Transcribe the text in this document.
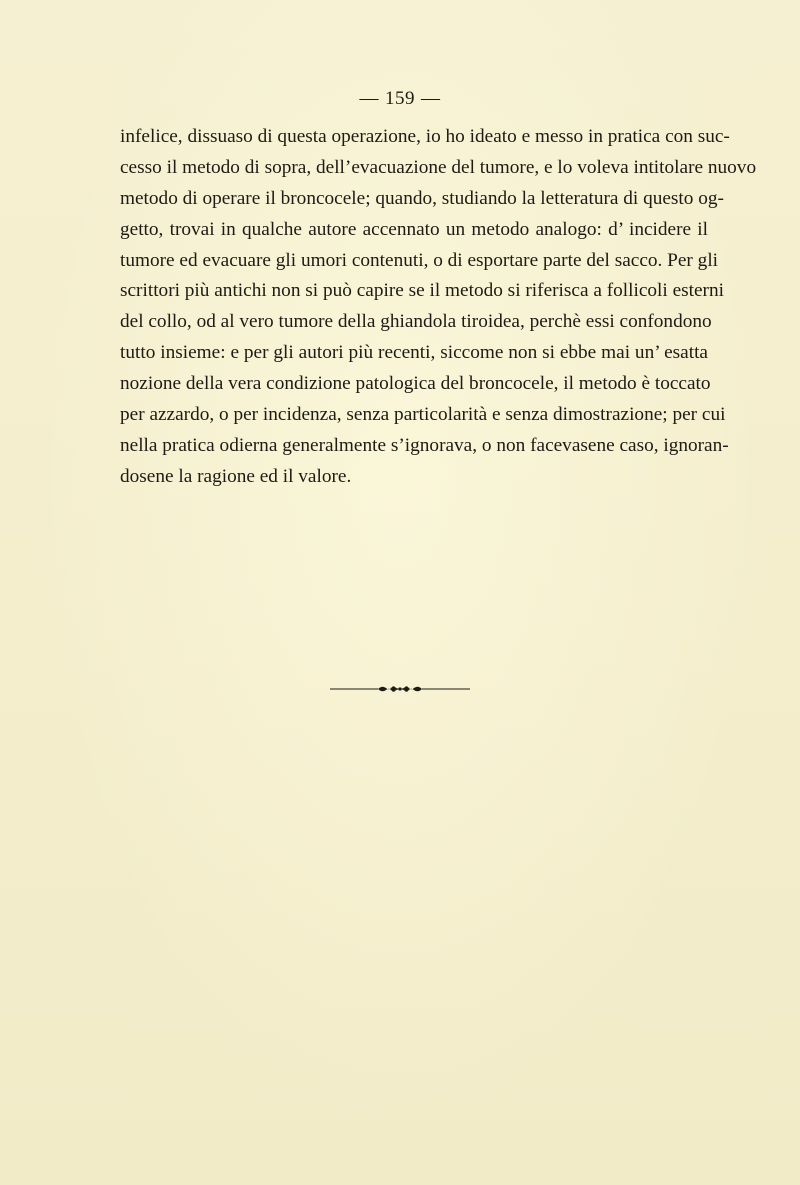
— 159 —
infelice, dissuaso di questa operazione, io ho ideato e messo in pratica con suc-
cesso il metodo di sopra, dell’evacuazione del tumore, e lo voleva intitolare nuovo
metodo di operare il broncocele; quando, studiando la letteratura di questo og-
getto, trovai in qualche autore accennato un metodo analogo: d’ incidere il
tumore ed evacuare gli umori contenuti, o di esportare parte del sacco. Per gli
scrittori più antichi non si può capire se il metodo si riferisca a follicoli esterni
del collo, od al vero tumore della ghiandola tiroidea, perchè essi confondono
tutto insieme: e per gli autori più recenti, siccome non si ebbe mai un’ esatta
nozione della vera condizione patologica del broncocele, il metodo è toccato
per azzardo, o per incidenza, senza particolarità e senza dimostrazione; per cui
nella pratica odierna generalmente s’ignorava, o non facevasene caso, ignoran-
dosene la ragione ed il valore.
